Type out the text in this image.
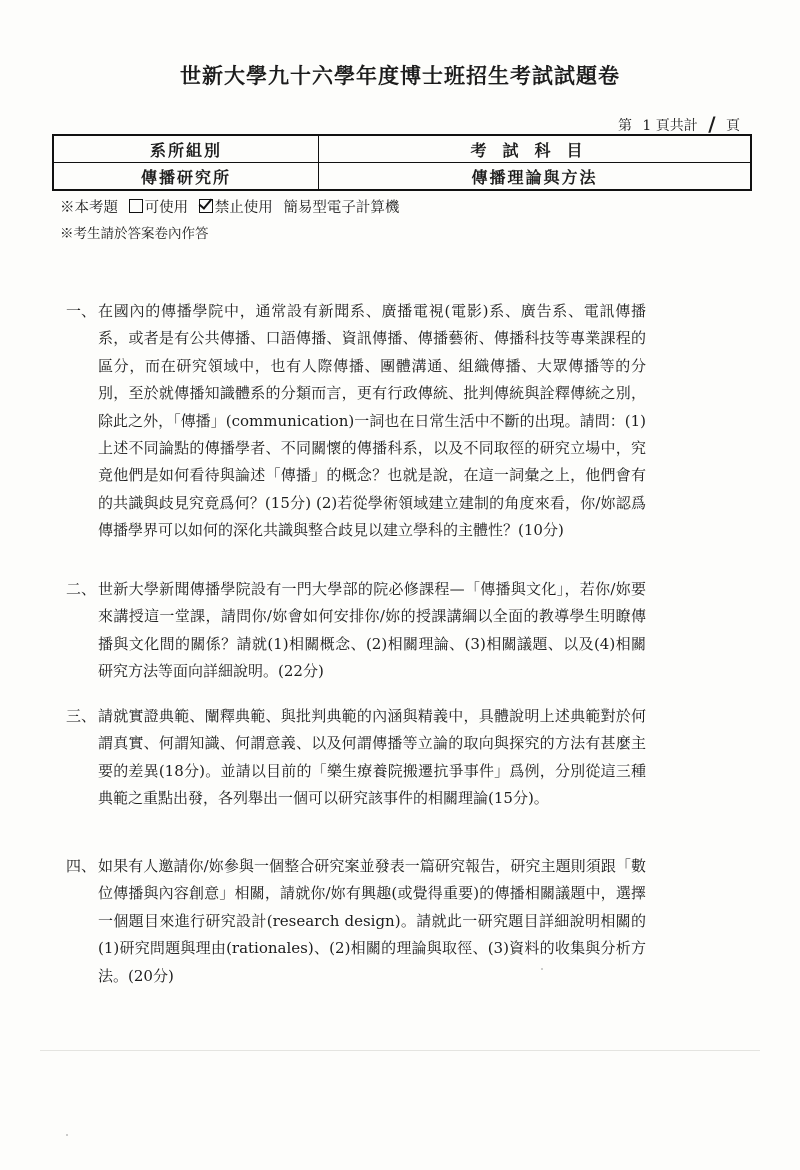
世新大學九十六學年度博士班招生考試試題卷
第 1 頁共計 / 頁
系所組別	考試科目
傳播研究所	傳播理論與方法
※本考題 可使用 禁止使用 簡易型電子計算機
※考生請於答案卷內作答
一、 在國內的傳播學院中，通常設有新聞系、廣播電視(電影)系、廣告系、電訊傳播系，或者是有公共傳播、口語傳播、資訊傳播、傳播藝術、傳播科技等專業課程的區分，而在研究領域中，也有人際傳播、團體溝通、組織傳播、大眾傳播等的分別，至於就傳播知識體系的分類而言，更有行政傳統、批判傳統與詮釋傳統之別，除此之外，「傳播」(communication)一詞也在日常生活中不斷的出現。請問：(1)上述不同論點的傳播學者、不同關懷的傳播科系，以及不同取徑的研究立場中，究竟他們是如何看待與論述「傳播」的概念？也就是說，在這一詞彙之上，他們會有的共識與歧見究竟爲何？(15分) (2)若從學術領域建立建制的角度來看，你/妳認爲傳播學界可以如何的深化共識與整合歧見以建立學科的主體性？(10分)
二、 世新大學新聞傳播學院設有一門大學部的院必修課程—「傳播與文化」，若你/妳要來講授這一堂課，請問你/妳會如何安排你/妳的授課講綱以全面的教導學生明瞭傳播與文化間的關係？請就(1)相關概念、(2)相關理論、(3)相關議題、以及(4)相關研究方法等面向詳細說明。(22分)
三、 請就實證典範、闡釋典範、與批判典範的內涵與精義中，具體說明上述典範對於何謂真實、何謂知識、何謂意義、以及何謂傳播等立論的取向與探究的方法有甚麼主要的差異(18分)。並請以目前的「樂生療養院搬遷抗爭事件」爲例，分別從這三種典範之重點出發，各列舉出一個可以研究該事件的相關理論(15分)。
四、 如果有人邀請你/妳參與一個整合研究案並發表一篇研究報告，研究主題則須跟「數位傳播與內容創意」相關，請就你/妳有興趣(或覺得重要)的傳播相關議題中，選擇一個題目來進行研究設計(research design)。請就此一研究題目詳細說明相關的(1)研究問題與理由(rationales)、(2)相關的理論與取徑、(3)資料的收集與分析方法。(20分)
